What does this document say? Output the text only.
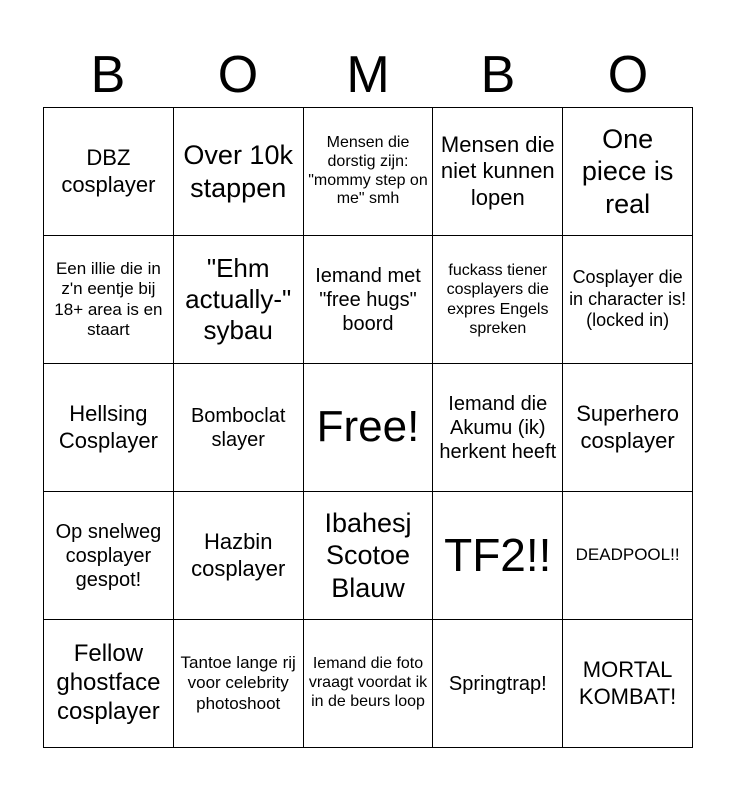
B	O	M	B	O
DBZ cosplayer	Over 10k stappen	Mensen die dorstig zijn: "mommy step on me" smh	Mensen die niet kunnen lopen	One piece is real

Een illie die in z'n eentje bij 18+ area is en staart	"Ehm actually-" sybau	Iemand met "free hugs" boord	fuckass tiener cosplayers die expres Engels spreken	Cosplayer die in character is! (locked in)

Hellsing Cosplayer	Bomboclat slayer	Free!	Iemand die Akumu (ik) herkent heeft	Superhero cosplayer

Op snelweg cosplayer gespot!	Hazbin cosplayer	Ibahesj Scotoe Blauw	TF2!!	DEADPOOL!!

Fellow ghostface cosplayer	Tantoe lange rij voor celebrity photoshoot	Iemand die foto vraagt voordat ik in de beurs loop	Springtrap!	MORTAL KOMBAT!
